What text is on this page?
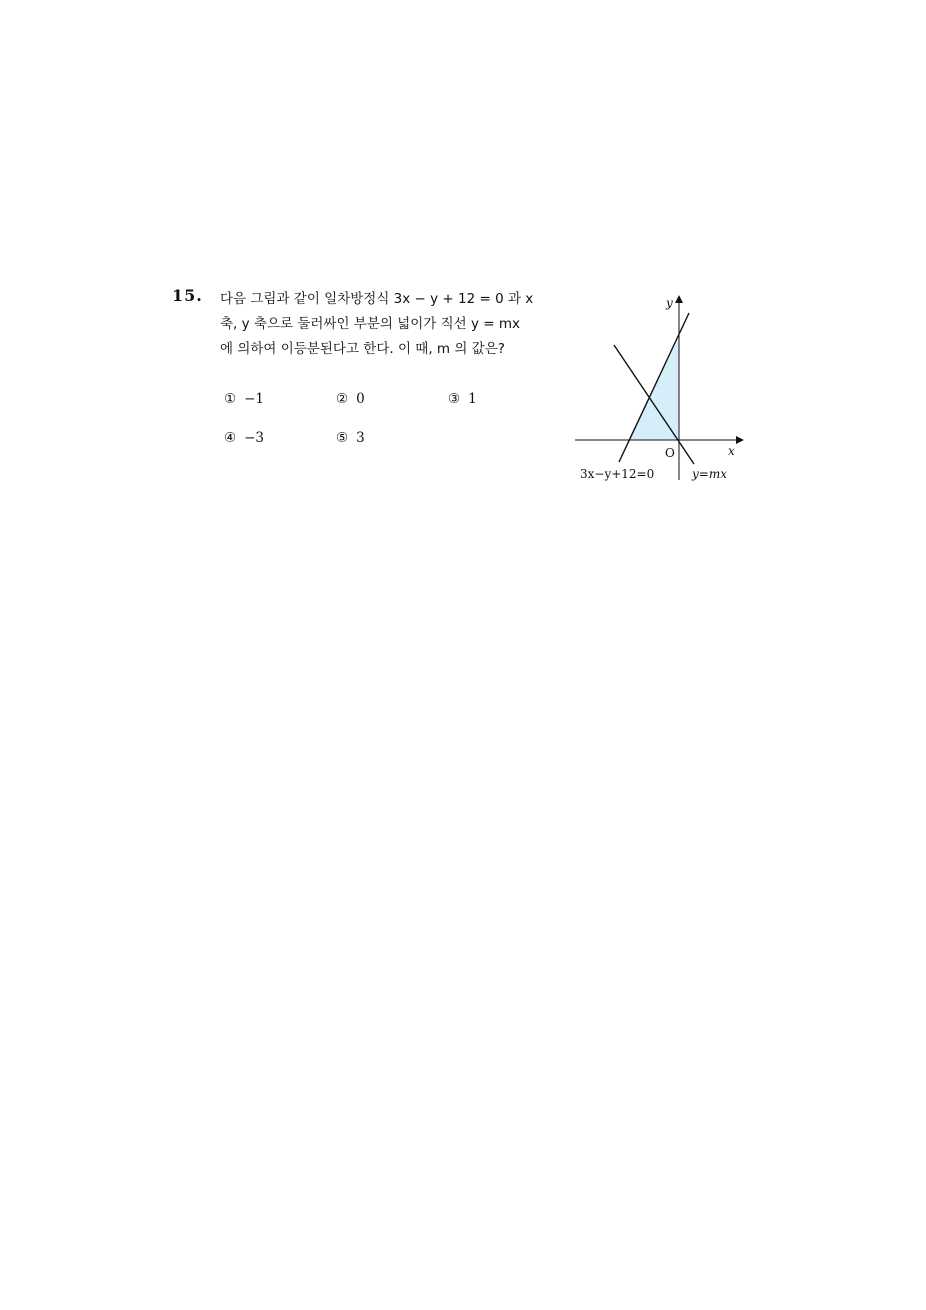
15. 다음 그림과 같이 일차방정식 3x − y + 12 = 0 과 x
축, y 축으로 둘러싸인 부분의 넓이가 직선 y = mx
에 의하여 이등분된다고 한다. 이 때, m 의 값은?
① −1	② 0	③ 1
④ −3	⑤ 3
y
x
O
3x−y+12=0	y=mx
